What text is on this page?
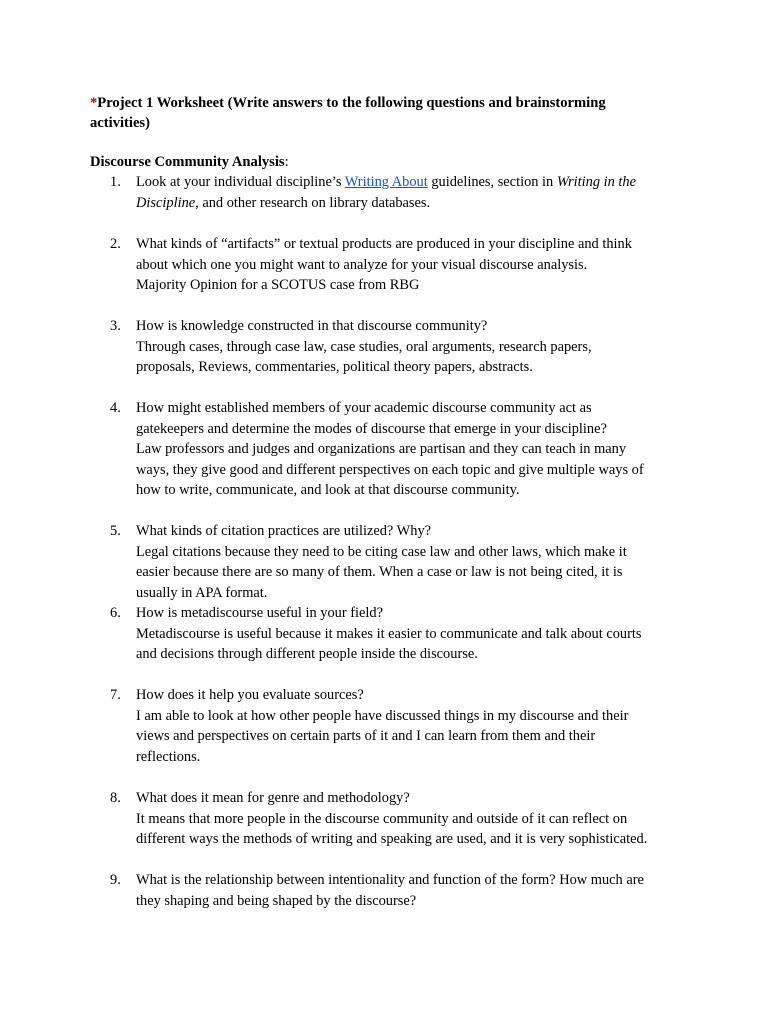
*Project 1 Worksheet (Write answers to the following questions and brainstorming
activities)
Discourse Community Analysis:
1.	Look at your individual discipline’s Writing About guidelines, section in Writing in the
Discipline, and other research on library databases.
2.	What kinds of “artifacts” or textual products are produced in your discipline and think
about which one you might want to analyze for your visual discourse analysis.
Majority Opinion for a SCOTUS case from RBG
3.	How is knowledge constructed in that discourse community?
Through cases, through case law, case studies, oral arguments, research papers,
proposals, Reviews, commentaries, political theory papers, abstracts.
4.	How might established members of your academic discourse community act as
gatekeepers and determine the modes of discourse that emerge in your discipline?
Law professors and judges and organizations are partisan and they can teach in many
ways, they give good and different perspectives on each topic and give multiple ways of
how to write, communicate, and look at that discourse community.
5.	What kinds of citation practices are utilized? Why?
Legal citations because they need to be citing case law and other laws, which make it
easier because there are so many of them. When a case or law is not being cited, it is
usually in APA format.
6.	How is metadiscourse useful in your field?
Metadiscourse is useful because it makes it easier to communicate and talk about courts
and decisions through different people inside the discourse.
7.	How does it help you evaluate sources?
I am able to look at how other people have discussed things in my discourse and their
views and perspectives on certain parts of it and I can learn from them and their
reflections.
8.	What does it mean for genre and methodology?
It means that more people in the discourse community and outside of it can reflect on
different ways the methods of writing and speaking are used, and it is very sophisticated.
9.	What is the relationship between intentionality and function of the form? How much are
they shaping and being shaped by the discourse?
